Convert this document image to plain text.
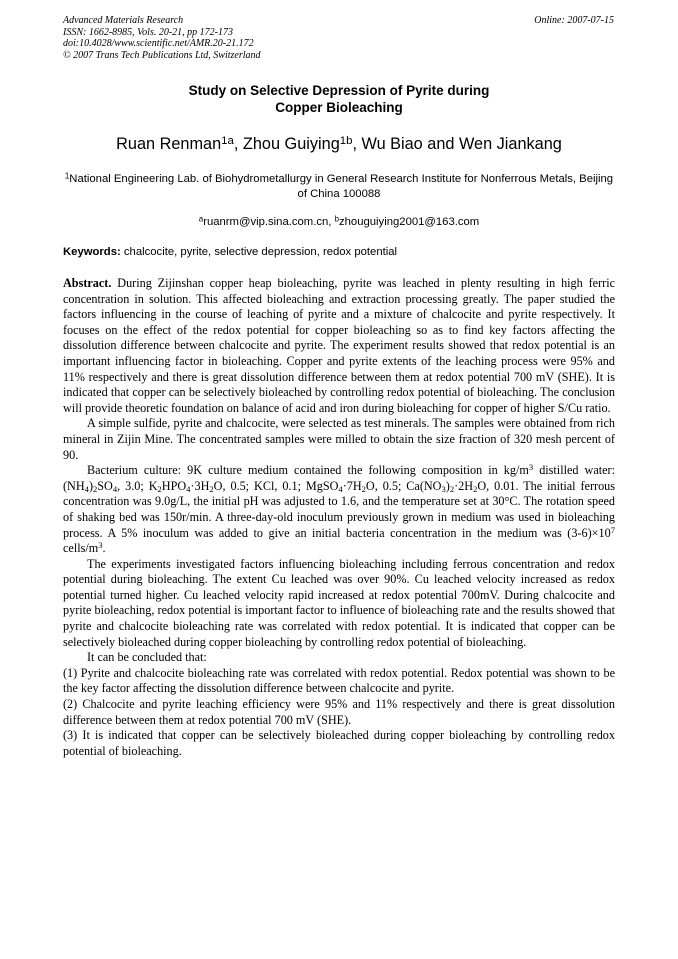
Advanced Materials Research
ISSN: 1662-8985, Vols. 20-21, pp 172-173
doi:10.4028/www.scientific.net/AMR.20-21.172
© 2007 Trans Tech Publications Ltd, Switzerland
Online: 2007-07-15
Study on Selective Depression of Pyrite during
Copper Bioleaching
Ruan Renman$^{1a}$, Zhou Guiying$^{1b}$, Wu Biao and Wen Jiankang
$^1$National Engineering Lab. of Biohydrometallurgy in General Research Institute for Nonferrous Metals, Beijing of China 100088
$^a$ruanrm@vip.sina.com.cn, $^b$zhouguiying2001@163.com
Keywords: chalcocite, pyrite, selective depression, redox potential

Abstract. During Zijinshan copper heap bioleaching, pyrite was leached in plenty resulting in high ferric concentration in solution. This affected bioleaching and extraction processing greatly. The paper studied the factors influencing in the course of leaching of pyrite and a mixture of chalcocite and pyrite respectively. It focuses on the effect of the redox potential for copper bioleaching so as to find key factors affecting the dissolution difference between chalcocite and pyrite. The experiment results showed that redox potential is an important influencing factor in bioleaching. Copper and pyrite extents of the leaching process were 95% and 11% respectively and there is great dissolution difference between them at redox potential 700 mV (SHE). It is indicated that copper can be selectively bioleached by controlling redox potential of bioleaching. The conclusion will provide theoretic foundation on balance of acid and iron during bioleaching for copper of higher S/Cu ratio.

A simple sulfide, pyrite and chalcocite, were selected as test minerals. The samples were obtained from rich mineral in Zijin Mine. The concentrated samples were milled to obtain the size fraction of 320 mesh percent of 90.

Bacterium culture: 9K culture medium contained the following composition in $kg/m^3$ distilled water: $(NH_4)_2SO_4$, 3.0; $K_2HPO_4\cdot 3H_2O$, 0.5; KCl, 0.1; $MgSO_4\cdot 7H_2O$, 0.5; $Ca(NO_3)_2\cdot 2H_2O$, 0.01. The initial ferrous concentration was 9.0g/L, the initial pH was adjusted to 1.6, and the temperature set at 30°C. The rotation speed of shaking bed was 150r/min. A three-day-old inoculum previously grown in medium was used in bioleaching process. A 5% inoculum was added to give an initial bacteria concentration in the medium was $(3-6)\times 10^7$ cells/$m^3$.

The experiments investigated factors influencing bioleaching including ferrous concentration and redox potential during bioleaching. The extent Cu leached was over 90%. Cu leached velocity increased as redox potential turned higher. Cu leached velocity rapid increased at redox potential 700mV. During chalcocite and pyrite bioleaching, redox potential is important factor to influence of bioleaching rate and the results showed that pyrite and chalcocite bioleaching rate was correlated with redox potential. It is indicated that copper can be selectively bioleached during copper bioleaching by controlling redox potential of bioleaching.

It can be concluded that:

(1) Pyrite and chalcocite bioleaching rate was correlated with redox potential. Redox potential was shown to be the key factor affecting the dissolution difference between chalcocite and pyrite.

(2) Chalcocite and pyrite leaching efficiency were 95% and 11% respectively and there is great dissolution difference between them at redox potential 700 mV (SHE).

(3) It is indicated that copper can be selectively bioleached during copper bioleaching by controlling redox potential of bioleaching.
